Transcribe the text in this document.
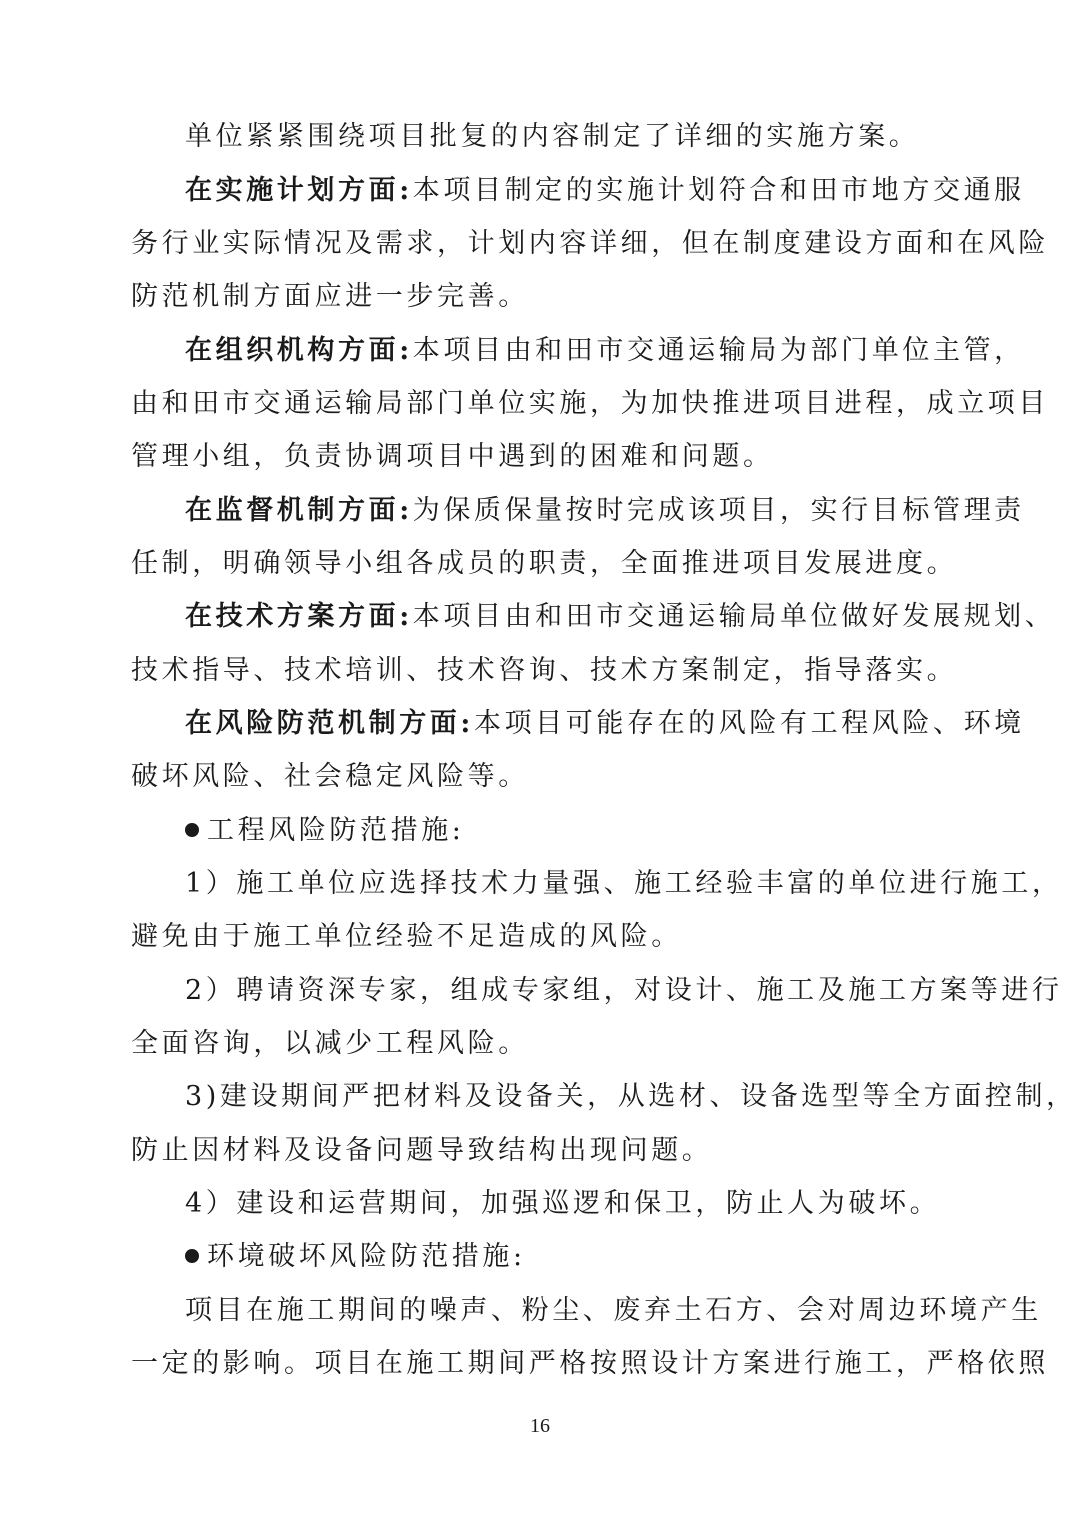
单位紧紧围绕项目批复的内容制定了详细的实施方案。
在实施计划方面:本项目制定的实施计划符合和田市地方交通服
务行业实际情况及需求，计划内容详细，但在制度建设方面和在风险
防范机制方面应进一步完善。
在组织机构方面:本项目由和田市交通运输局为部门单位主管，
由和田市交通运输局部门单位实施，为加快推进项目进程，成立项目
管理小组，负责协调项目中遇到的困难和问题。
在监督机制方面:为保质保量按时完成该项目，实行目标管理责
任制，明确领导小组各成员的职责，全面推进项目发展进度。
在技术方案方面:本项目由和田市交通运输局单位做好发展规划、
技术指导、技术培训、技术咨询、技术方案制定，指导落实。
在风险防范机制方面:本项目可能存在的风险有工程风险、环境
破坏风险、社会稳定风险等。
工程风险防范措施:
1）施工单位应选择技术力量强、施工经验丰富的单位进行施工，
避免由于施工单位经验不足造成的风险。
2）聘请资深专家，组成专家组，对设计、施工及施工方案等进行
全面咨询，以减少工程风险。
3)建设期间严把材料及设备关，从选材、设备选型等全方面控制，
防止因材料及设备问题导致结构出现问题。
4）建设和运营期间，加强巡逻和保卫，防止人为破坏。
环境破坏风险防范措施:
项目在施工期间的噪声、粉尘、废弃土石方、会对周边环境产生
一定的影响。项目在施工期间严格按照设计方案进行施工，严格依照
16
